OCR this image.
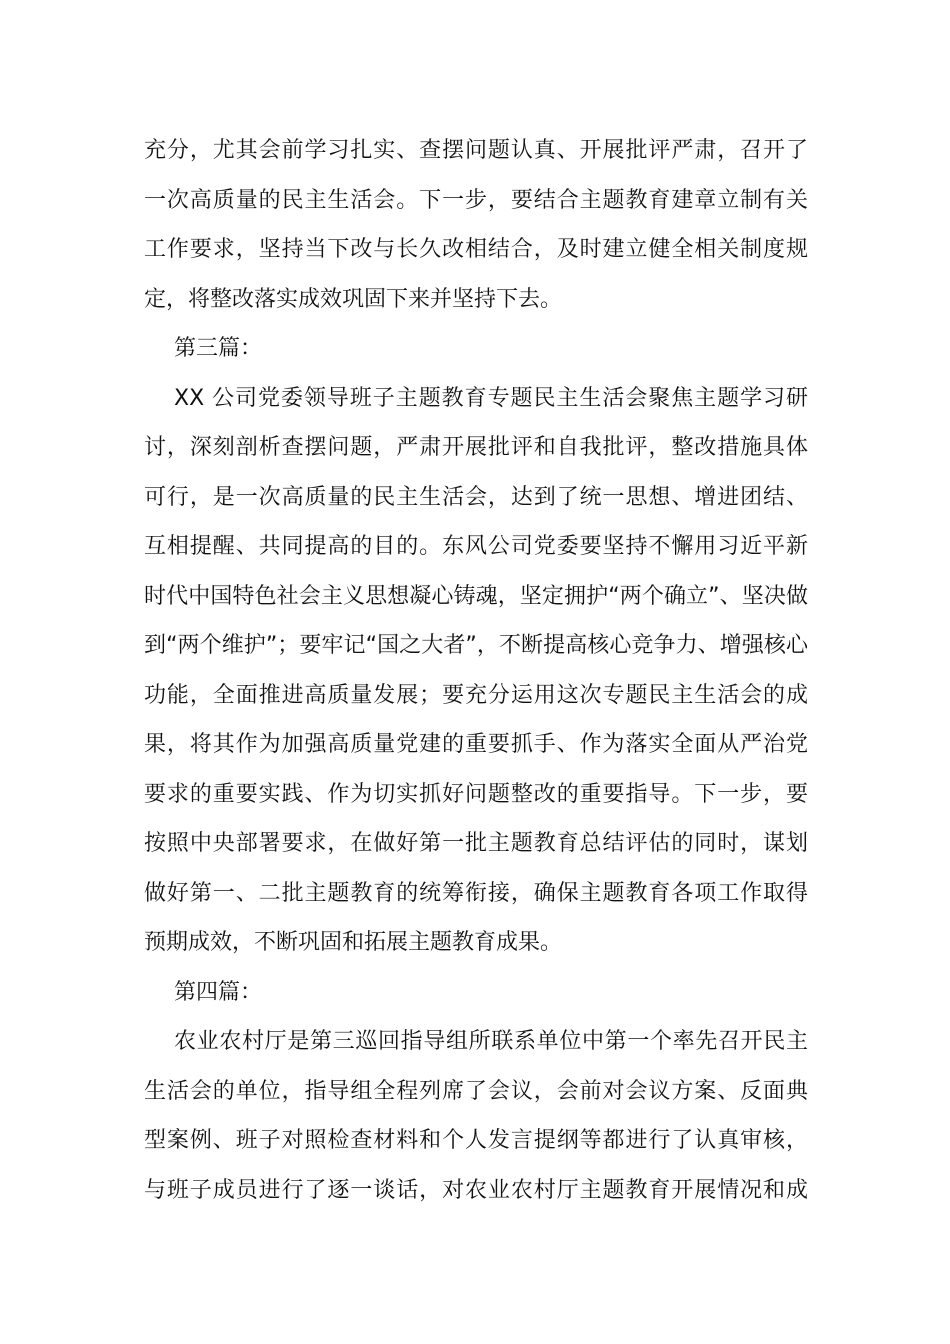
充分，尤其会前学习扎实、查摆问题认真、开展批评严肃，召开了
一次高质量的民主生活会。下一步，要结合主题教育建章立制有关
工作要求，坚持当下改与长久改相结合，及时建立健全相关制度规
定，将整改落实成效巩固下来并坚持下去。
第三篇：
XX 公司党委领导班子主题教育专题民主生活会聚焦主题学习研
讨，深刻剖析查摆问题，严肃开展批评和自我批评，整改措施具体
可行，是一次高质量的民主生活会，达到了统一思想、增进团结、
互相提醒、共同提高的目的。东风公司党委要坚持不懈用习近平新
时代中国特色社会主义思想凝心铸魂，坚定拥护“两个确立”、坚决做
到“两个维护”；要牢记“国之大者”，不断提高核心竞争力、增强核心
功能，全面推进高质量发展；要充分运用这次专题民主生活会的成
果，将其作为加强高质量党建的重要抓手、作为落实全面从严治党
要求的重要实践、作为切实抓好问题整改的重要指导。下一步，要
按照中央部署要求，在做好第一批主题教育总结评估的同时，谋划
做好第一、二批主题教育的统筹衔接，确保主题教育各项工作取得
预期成效，不断巩固和拓展主题教育成果。
第四篇：
农业农村厅是第三巡回指导组所联系单位中第一个率先召开民主
生活会的单位，指导组全程列席了会议，会前对会议方案、反面典
型案例、班子对照检查材料和个人发言提纲等都进行了认真审核，
与班子成员进行了逐一谈话，对农业农村厅主题教育开展情况和成
